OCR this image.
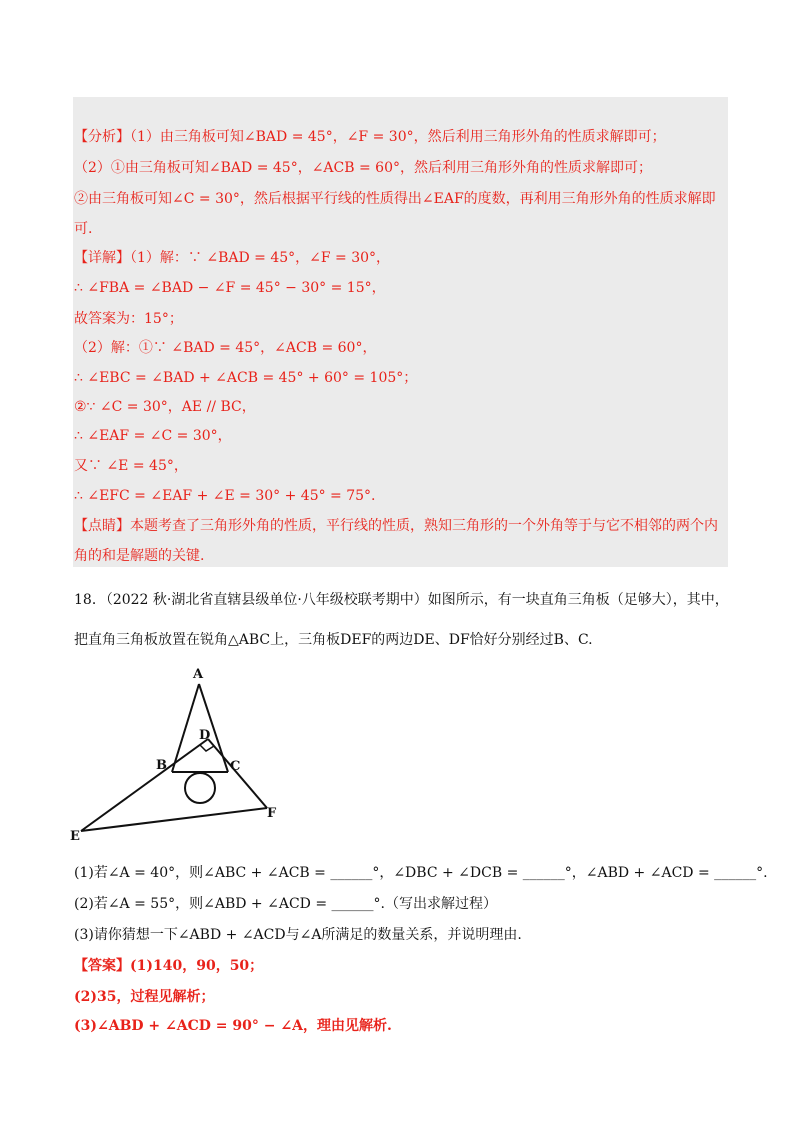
【分析】（1）由三角板可知∠BAD = 45°，∠F = 30°，然后利用三角形外角的性质求解即可；
（2）①由三角板可知∠BAD = 45°，∠ACB = 60°，然后利用三角形外角的性质求解即可；
②由三角板可知∠C = 30°，然后根据平行线的性质得出∠EAF的度数，再利用三角形外角的性质求解即
可.
【详解】（1）解：∵ ∠BAD = 45°，∠F = 30°，
∴ ∠FBA = ∠BAD − ∠F = 45° − 30° = 15°，
故答案为：15°；
（2）解：①∵ ∠BAD = 45°，∠ACB = 60°，
∴ ∠EBC = ∠BAD + ∠ACB = 45° + 60° = 105°；
②∵ ∠C = 30°，AE // BC，
∴ ∠EAF = ∠C = 30°，
又∵ ∠E = 45°，
∴ ∠EFC = ∠EAF + ∠E = 30° + 45° = 75°.
【点睛】本题考查了三角形外角的性质，平行线的性质，熟知三角形的一个外角等于与它不相邻的两个内
角的和是解题的关键.
18．（2022 秋·湖北省直辖县级单位·八年级校联考期中）如图所示，有一块直角三角板（足够大），其中，
把直角三角板放置在锐角△ABC上，三角板DEF的两边DE、DF恰好分别经过B、C.
A
D
B	C
F
E
(1)若∠A = 40°，则∠ABC + ∠ACB = ______°，∠DBC + ∠DCB = ______°，∠ABD + ∠ACD = ______°.
(2)若∠A = 55°，则∠ABD + ∠ACD = ______°.（写出求解过程）
(3)请你猜想一下∠ABD + ∠ACD与∠A所满足的数量关系，并说明理由.
【答案】(1)140，90，50；
(2)35，过程见解析；
(3)∠ABD + ∠ACD = 90° − ∠A，理由见解析.
